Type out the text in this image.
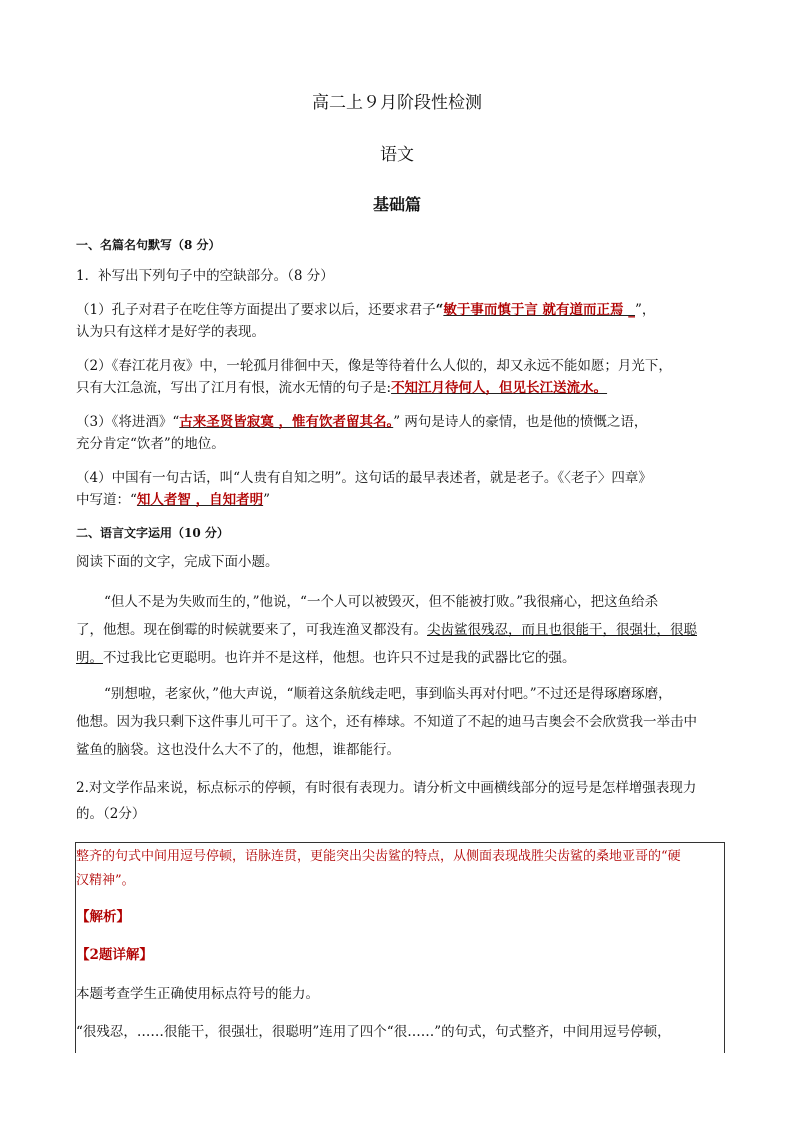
高二上９月阶段性检测
语文
基础篇
一、名篇名句默写（8 分）
1．补写出下列句子中的空缺部分。（8 分）
（1）孔子对君子在吃住等方面提出了要求以后，还要求君子“敏于事而慎于言 就有道而正焉 _”，
认为只有这样才是好学的表现。
（2）《春江花月夜》中，一轮孤月徘徊中天，像是等待着什么人似的，却又永远不能如愿；月光下，
只有大江急流，写出了江月有恨，流水无情的句子是:不知江月待何人，但见长江送流水。
（3）《将进酒》“古来圣贤皆寂寞 ，惟有饮者留其名。” 两句是诗人的豪情，也是他的愤慨之语，
充分肯定“饮者”的地位。
（4）中国有一句古话，叫“人贵有自知之明”。这句话的最早表述者，就是老子。《〈老子〉四章》
中写道：“知人者智 ，自知者明”
二、语言文字运用（10 分）
阅读下面的文字，完成下面小题。
“但人不是为失败而生的，”他说，“一个人可以被毁灭，但不能被打败。”我很痛心，把这鱼给杀
了，他想。现在倒霉的时候就要来了，可我连渔叉都没有。尖齿鲨很残忍，而且也很能干，很强壮，很聪
明。不过我比它更聪明。也许并不是这样，他想。也许只不过是我的武器比它的强。
“别想啦，老家伙，”他大声说，“顺着这条航线走吧，事到临头再对付吧。”不过还是得琢磨琢磨，
他想。因为我只剩下这件事儿可干了。这个，还有棒球。不知道了不起的迪马吉奥会不会欣赏我一举击中
鲨鱼的脑袋。这也没什么大不了的，他想，谁都能行。
2.对文学作品来说，标点标示的停顿，有时很有表现力。请分析文中画横线部分的逗号是怎样增强表现力
的。（2分）
整齐的句式中间用逗号停顿，语脉连贯，更能突出尖齿鲨的特点，从侧面表现战胜尖齿鲨的桑地亚哥的“硬
汉精神”。
【解析】
【2题详解】
本题考查学生正确使用标点符号的能力。
“很残忍，……很能干，很强壮，很聪明”连用了四个“很……”的句式，句式整齐，中间用逗号停顿，
